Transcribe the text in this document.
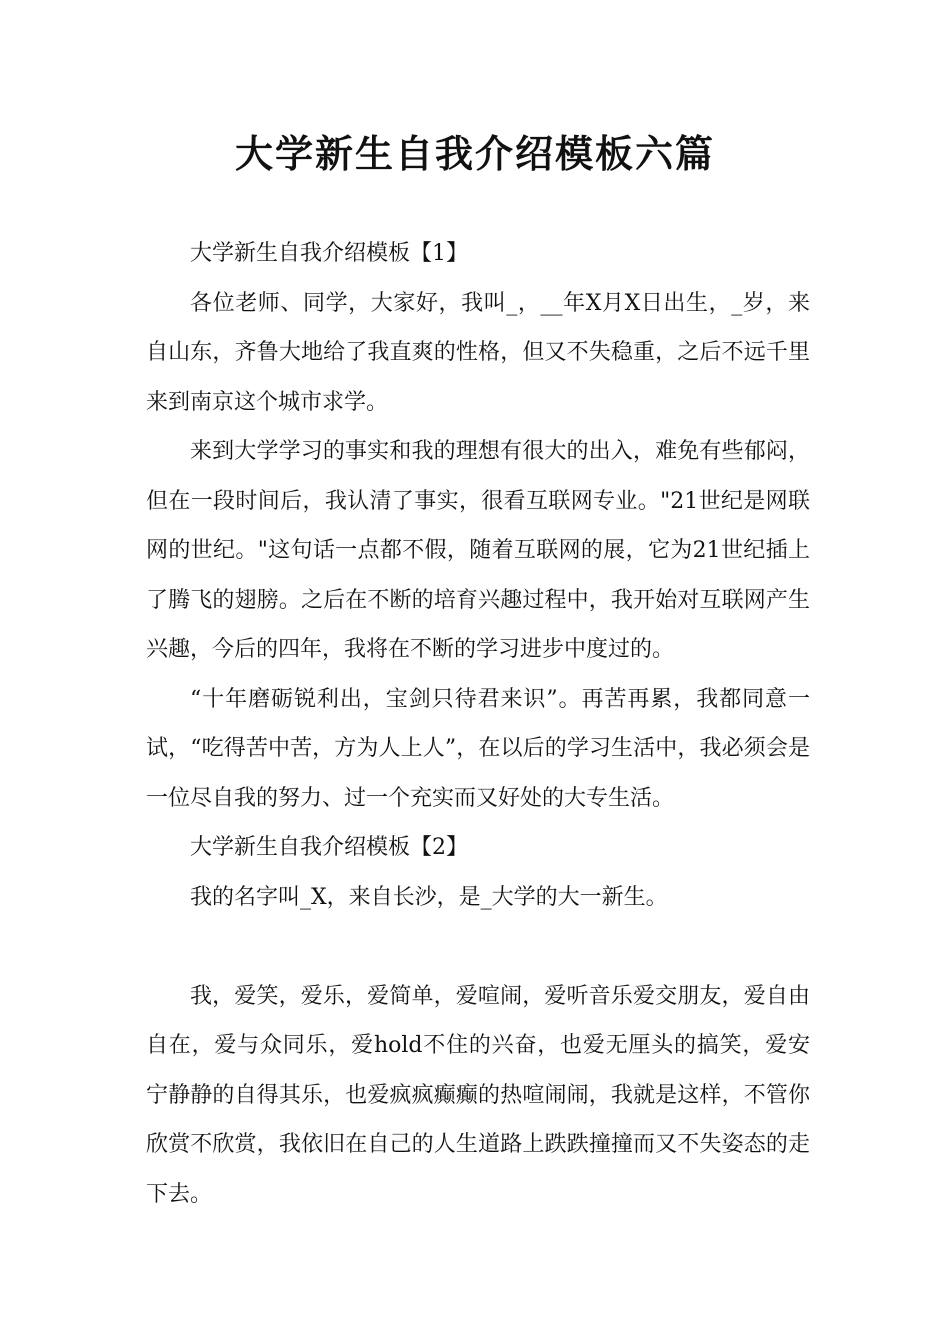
大学新生自我介绍模板六篇

大学新生自我介绍模板【1】

各位老师、同学，大家好，我叫_，__年X月X日出生，_岁，来自山东，齐鲁大地给了我直爽的性格，但又不失稳重，之后不远千里来到南京这个城市求学。

来到大学学习的事实和我的理想有很大的出入，难免有些郁闷，但在一段时间后，我认清了事实，很看互联网专业。"21世纪是网联网的世纪。"这句话一点都不假，随着互联网的展，它为21世纪插上了腾飞的翅膀。之后在不断的培育兴趣过程中，我开始对互联网产生兴趣，今后的四年，我将在不断的学习进步中度过的。

“十年磨砺锐利出，宝剑只待君来识”。再苦再累，我都同意一试，“吃得苦中苦，方为人上人”，在以后的学习生活中，我必须会是一位尽自我的努力、过一个充实而又好处的大专生活。

大学新生自我介绍模板【2】

我的名字叫_X，来自长沙，是_大学的大一新生。

我，爱笑，爱乐，爱简单，爱喧闹，爱听音乐爱交朋友，爱自由自在，爱与众同乐，爱hold不住的兴奋，也爱无厘头的搞笑，爱安宁静静的自得其乐，也爱疯疯癫癫的热喧闹闹，我就是这样，不管你欣赏不欣赏，我依旧在自己的人生道路上跌跌撞撞而又不失姿态的走下去。
